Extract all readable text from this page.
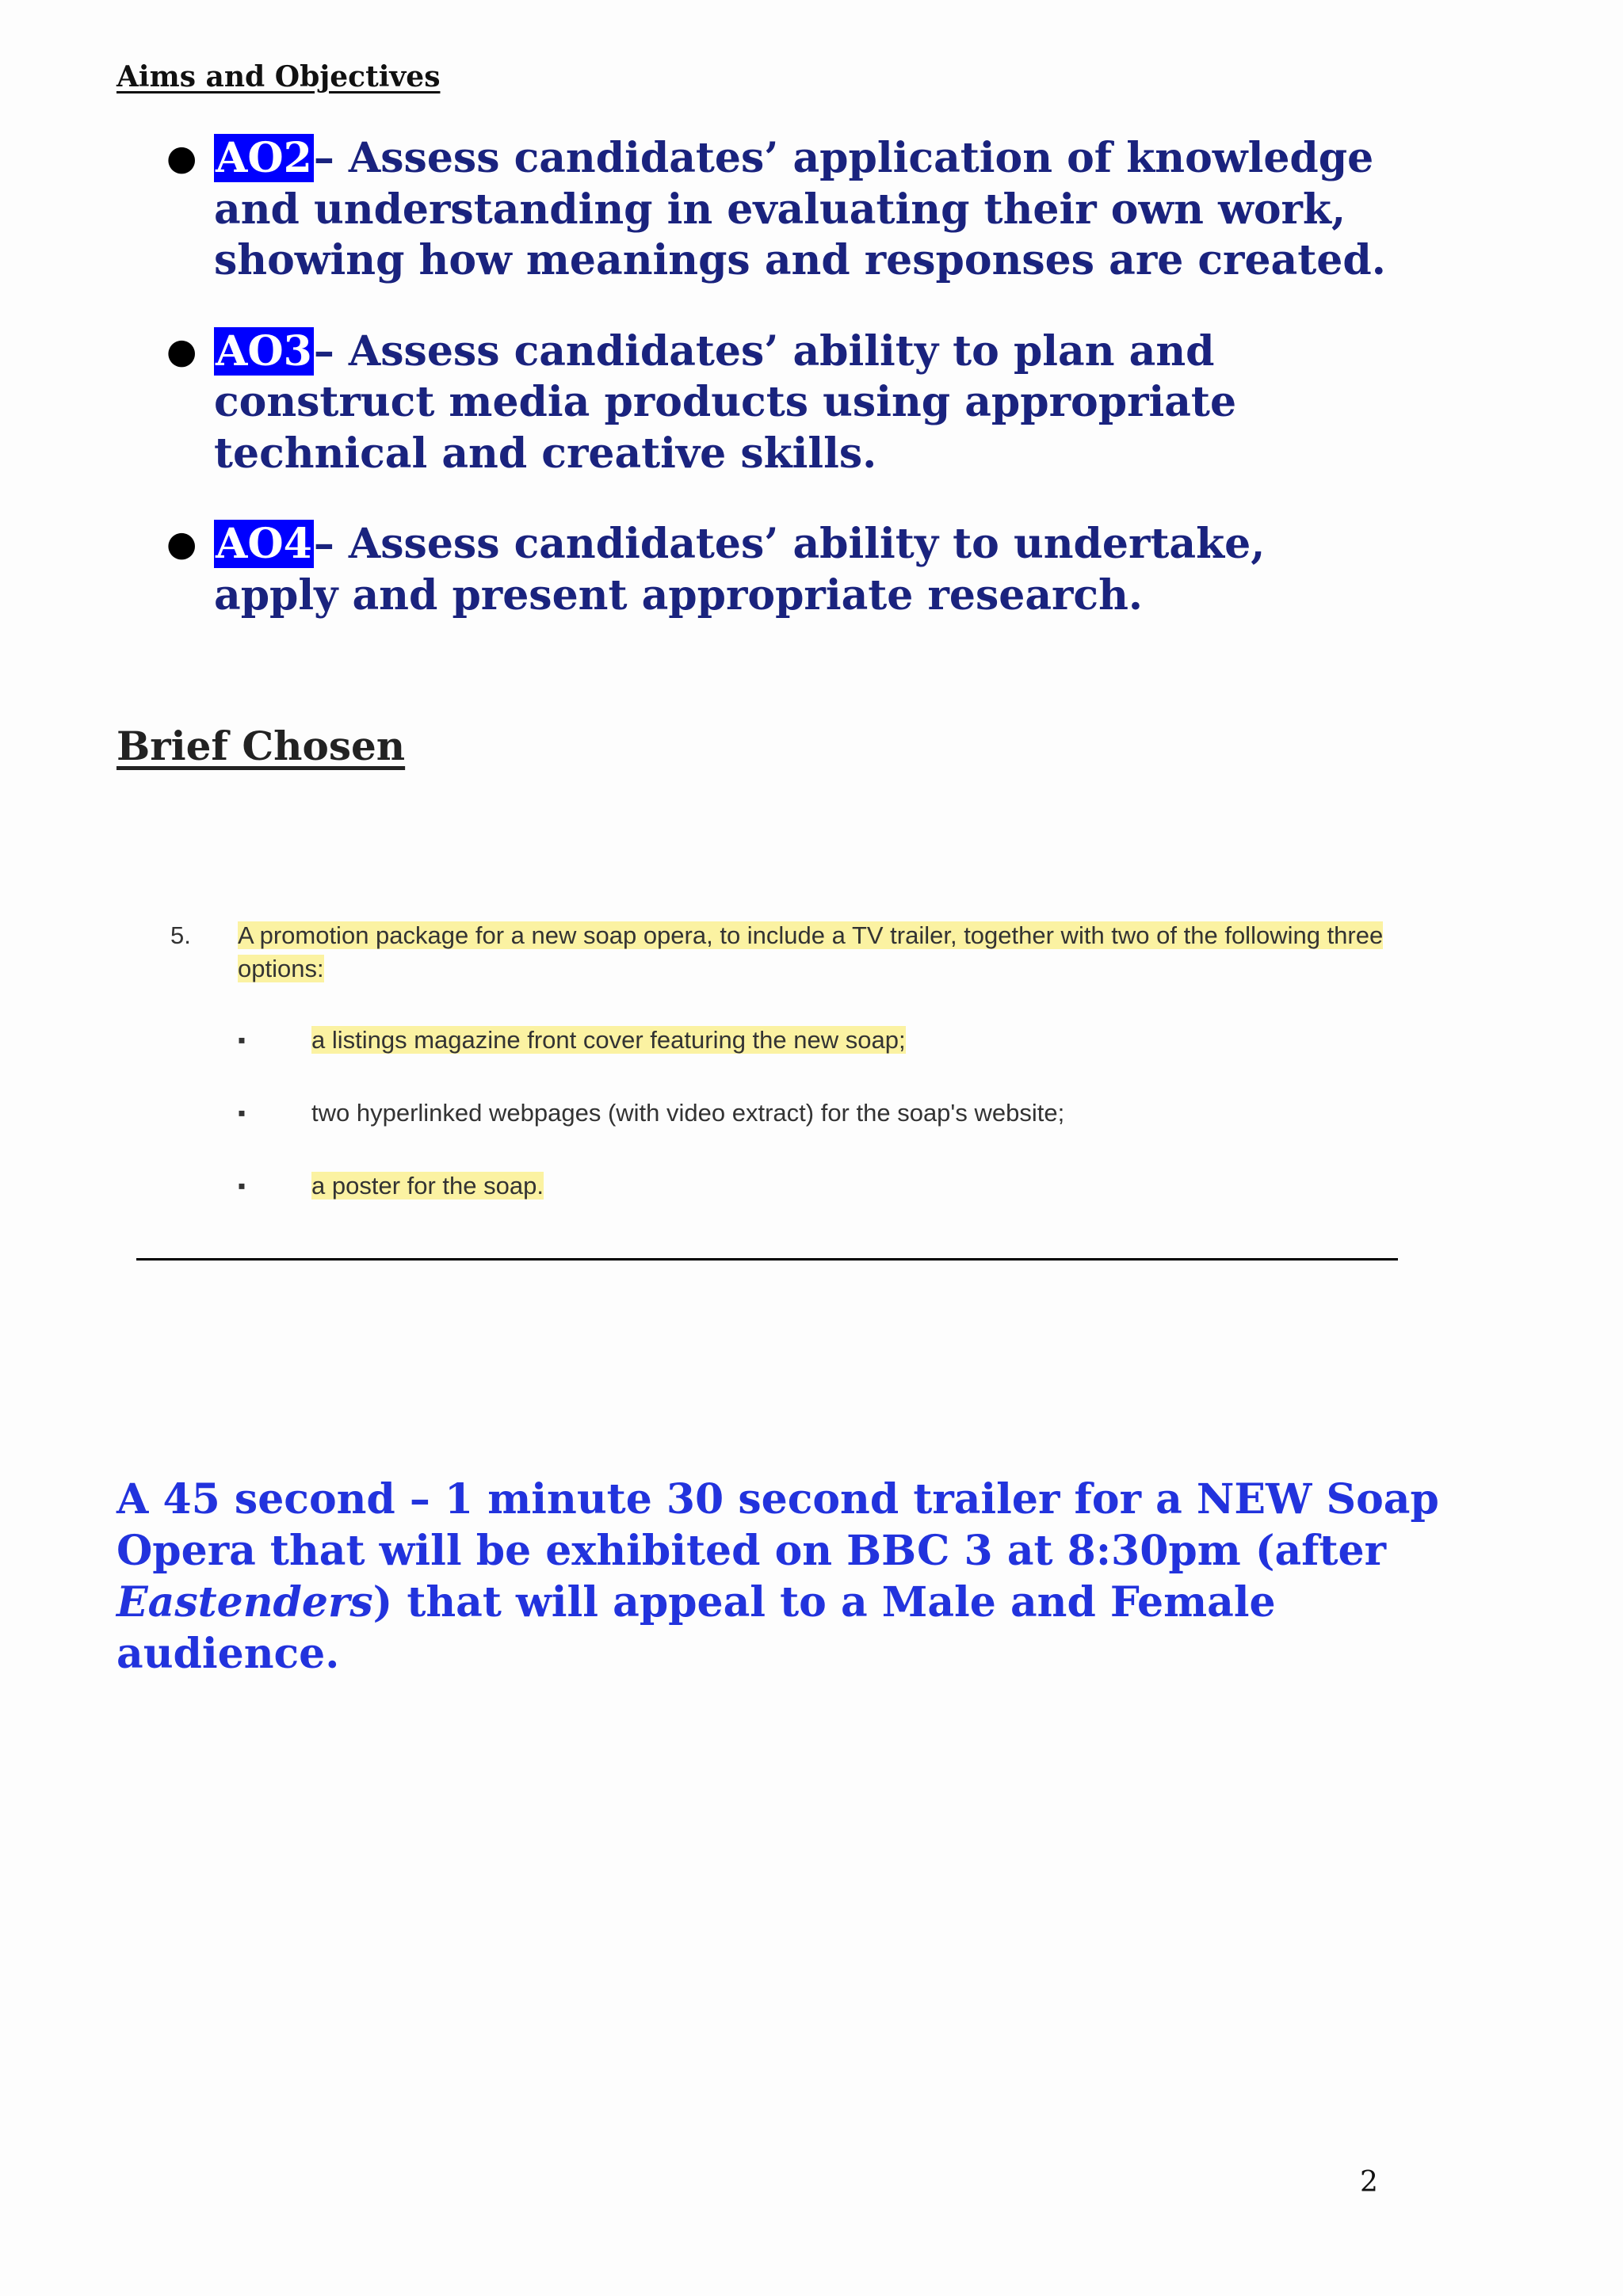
Aims and Objectives
● AO2– Assess candidates’ application of knowledge and understanding in evaluating their own work, showing how meanings and responses are created.
● AO3– Assess candidates’ ability to plan and construct media products using appropriate technical and creative skills.
● AO4– Assess candidates’ ability to undertake, apply and present appropriate research.
Brief Chosen
5. A promotion package for a new soap opera, to include a TV trailer, together with two of the following three options:
▪	a listings magazine front cover featuring the new soap;
▪	two hyperlinked webpages (with video extract) for the soap's website;
▪	a poster for the soap.

A 45 second – 1 minute 30 second trailer for a NEW Soap Opera that will be exhibited on BBC 3 at 8:30pm (after Eastenders) that will appeal to a Male and Female audience.

2
